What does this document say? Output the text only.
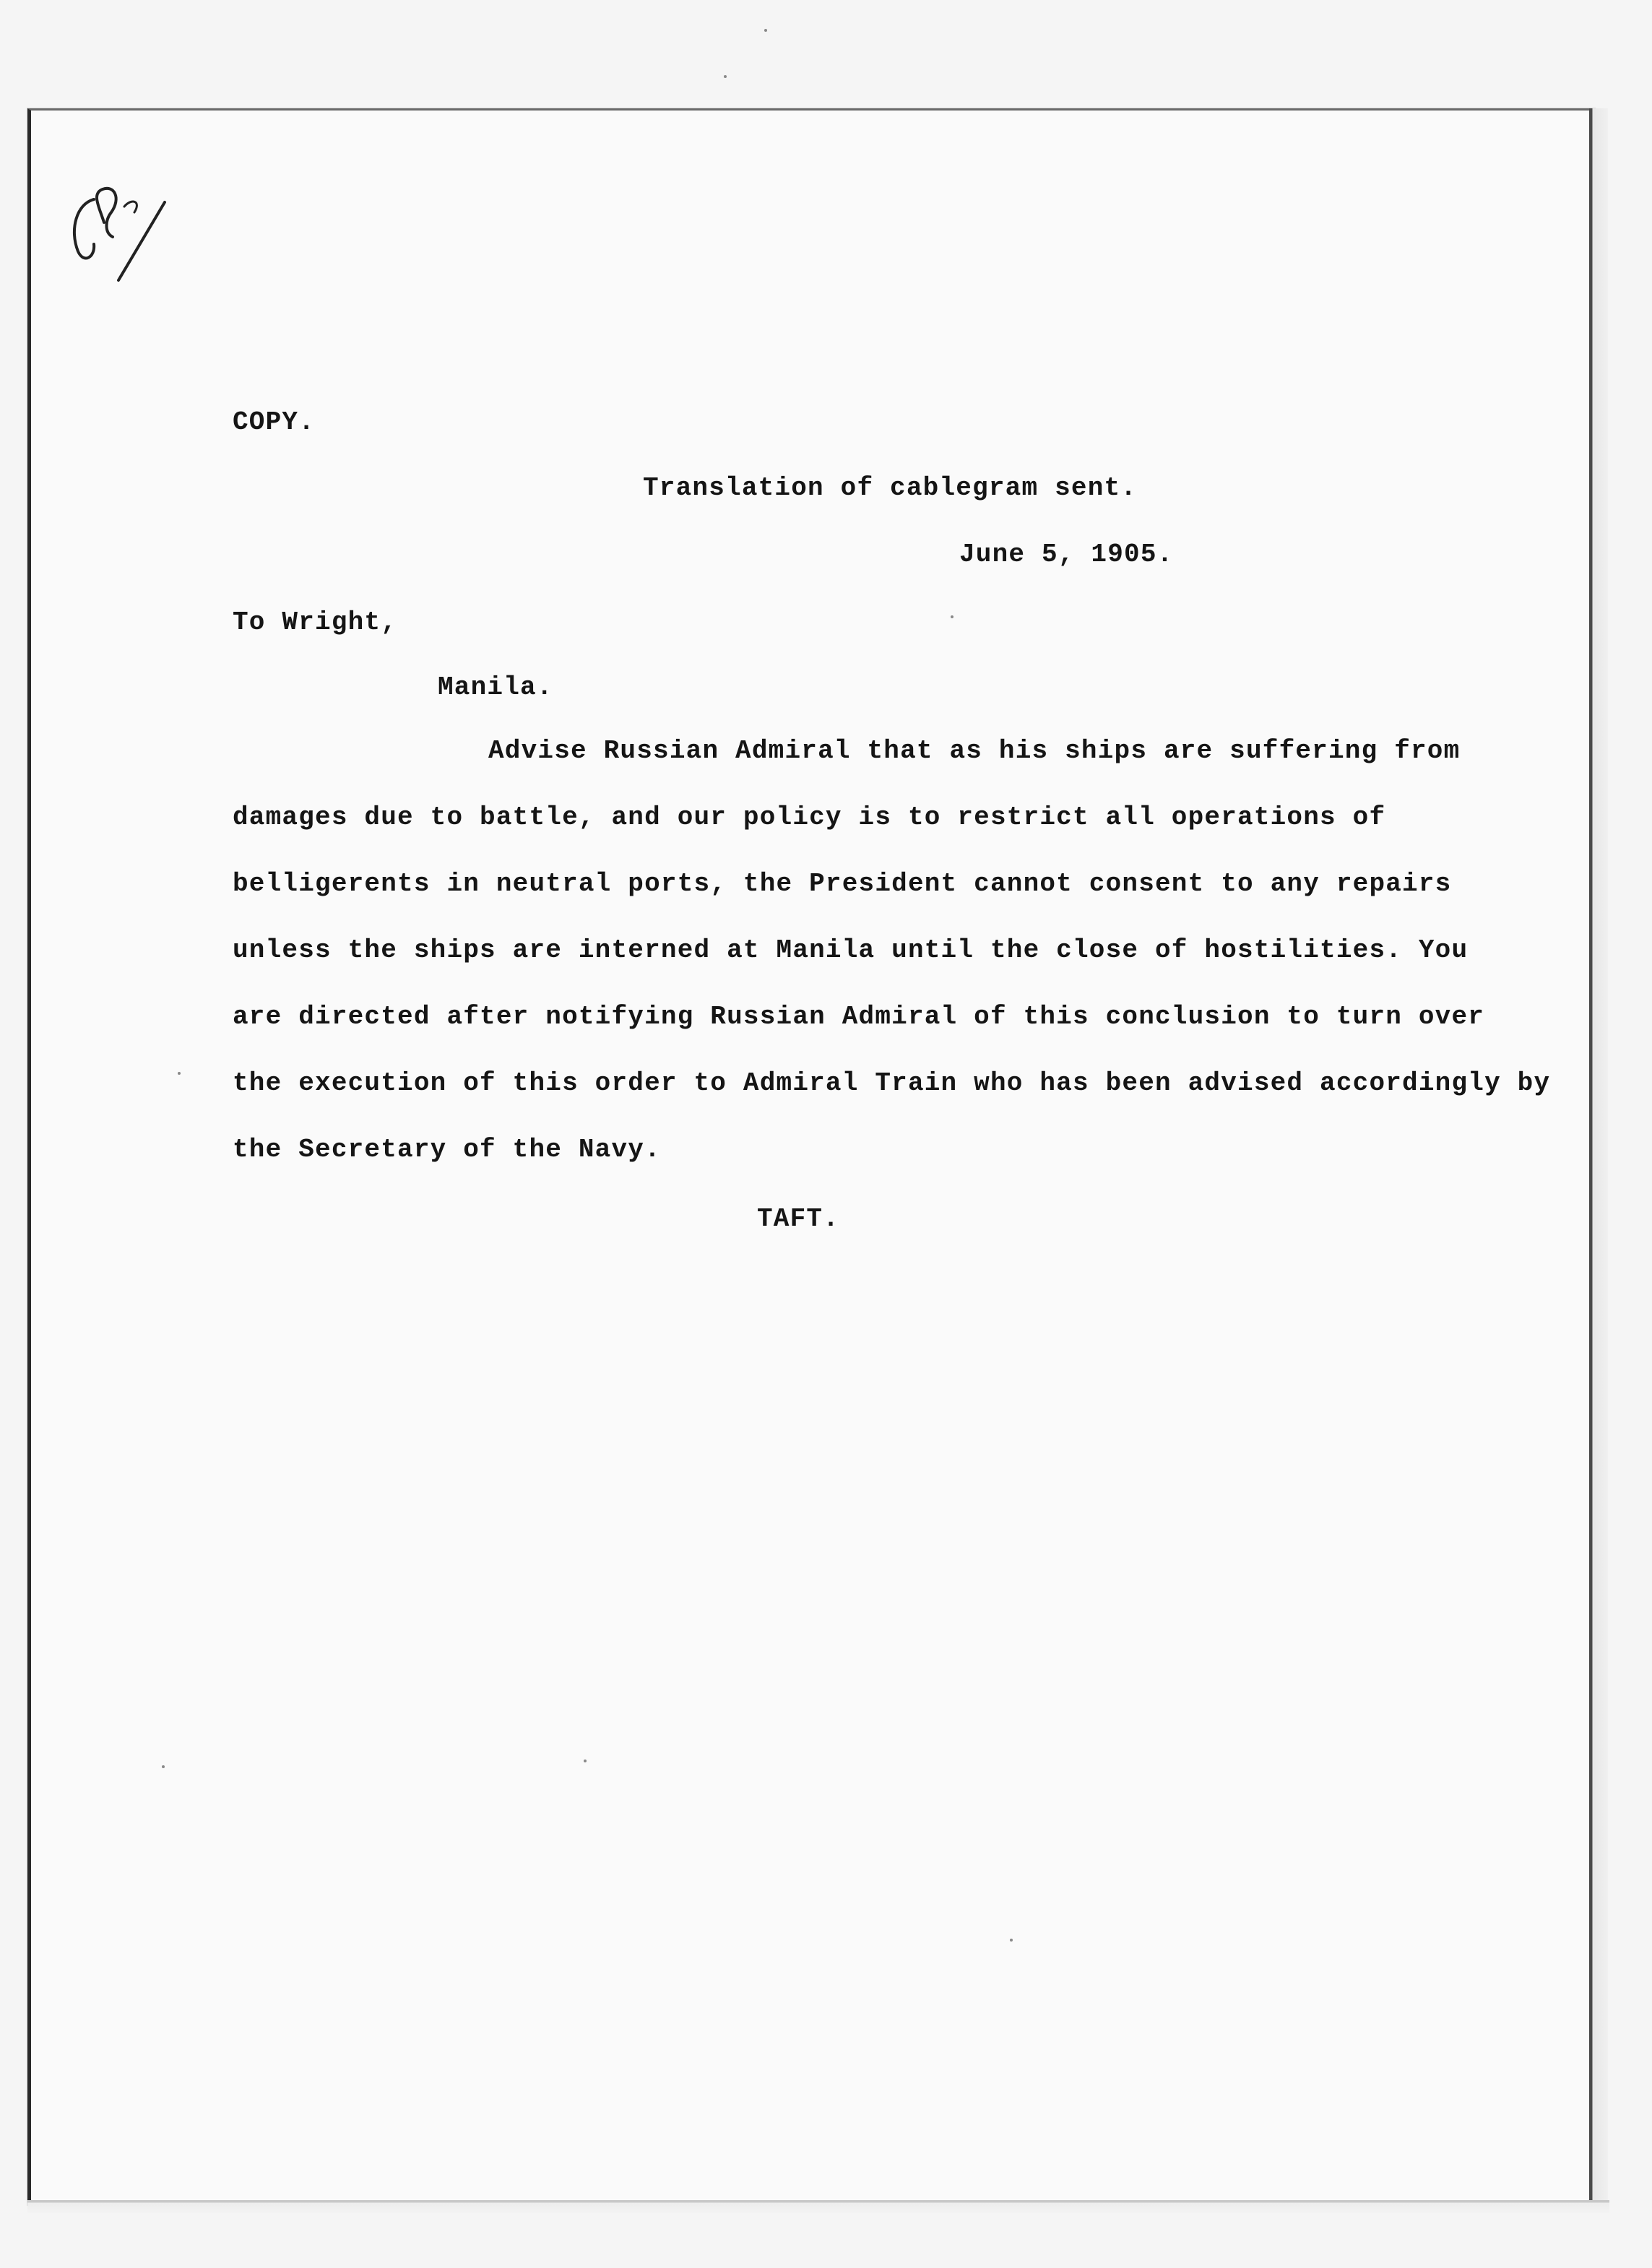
COPY.
Translation of cablegram sent.
June 5, 1905.
To Wright,
Manila.
Advise Russian Admiral that as his ships are suffering from
damages due to battle, and our policy is to restrict all operations of
belligerents in neutral ports, the President cannot consent to any repairs
unless the ships are interned at Manila until the close of hostilities. You
are directed after notifying Russian Admiral of this conclusion to turn over
the execution of this order to Admiral Train who has been advised accordingly by
the Secretary of the Navy.
TAFT.
